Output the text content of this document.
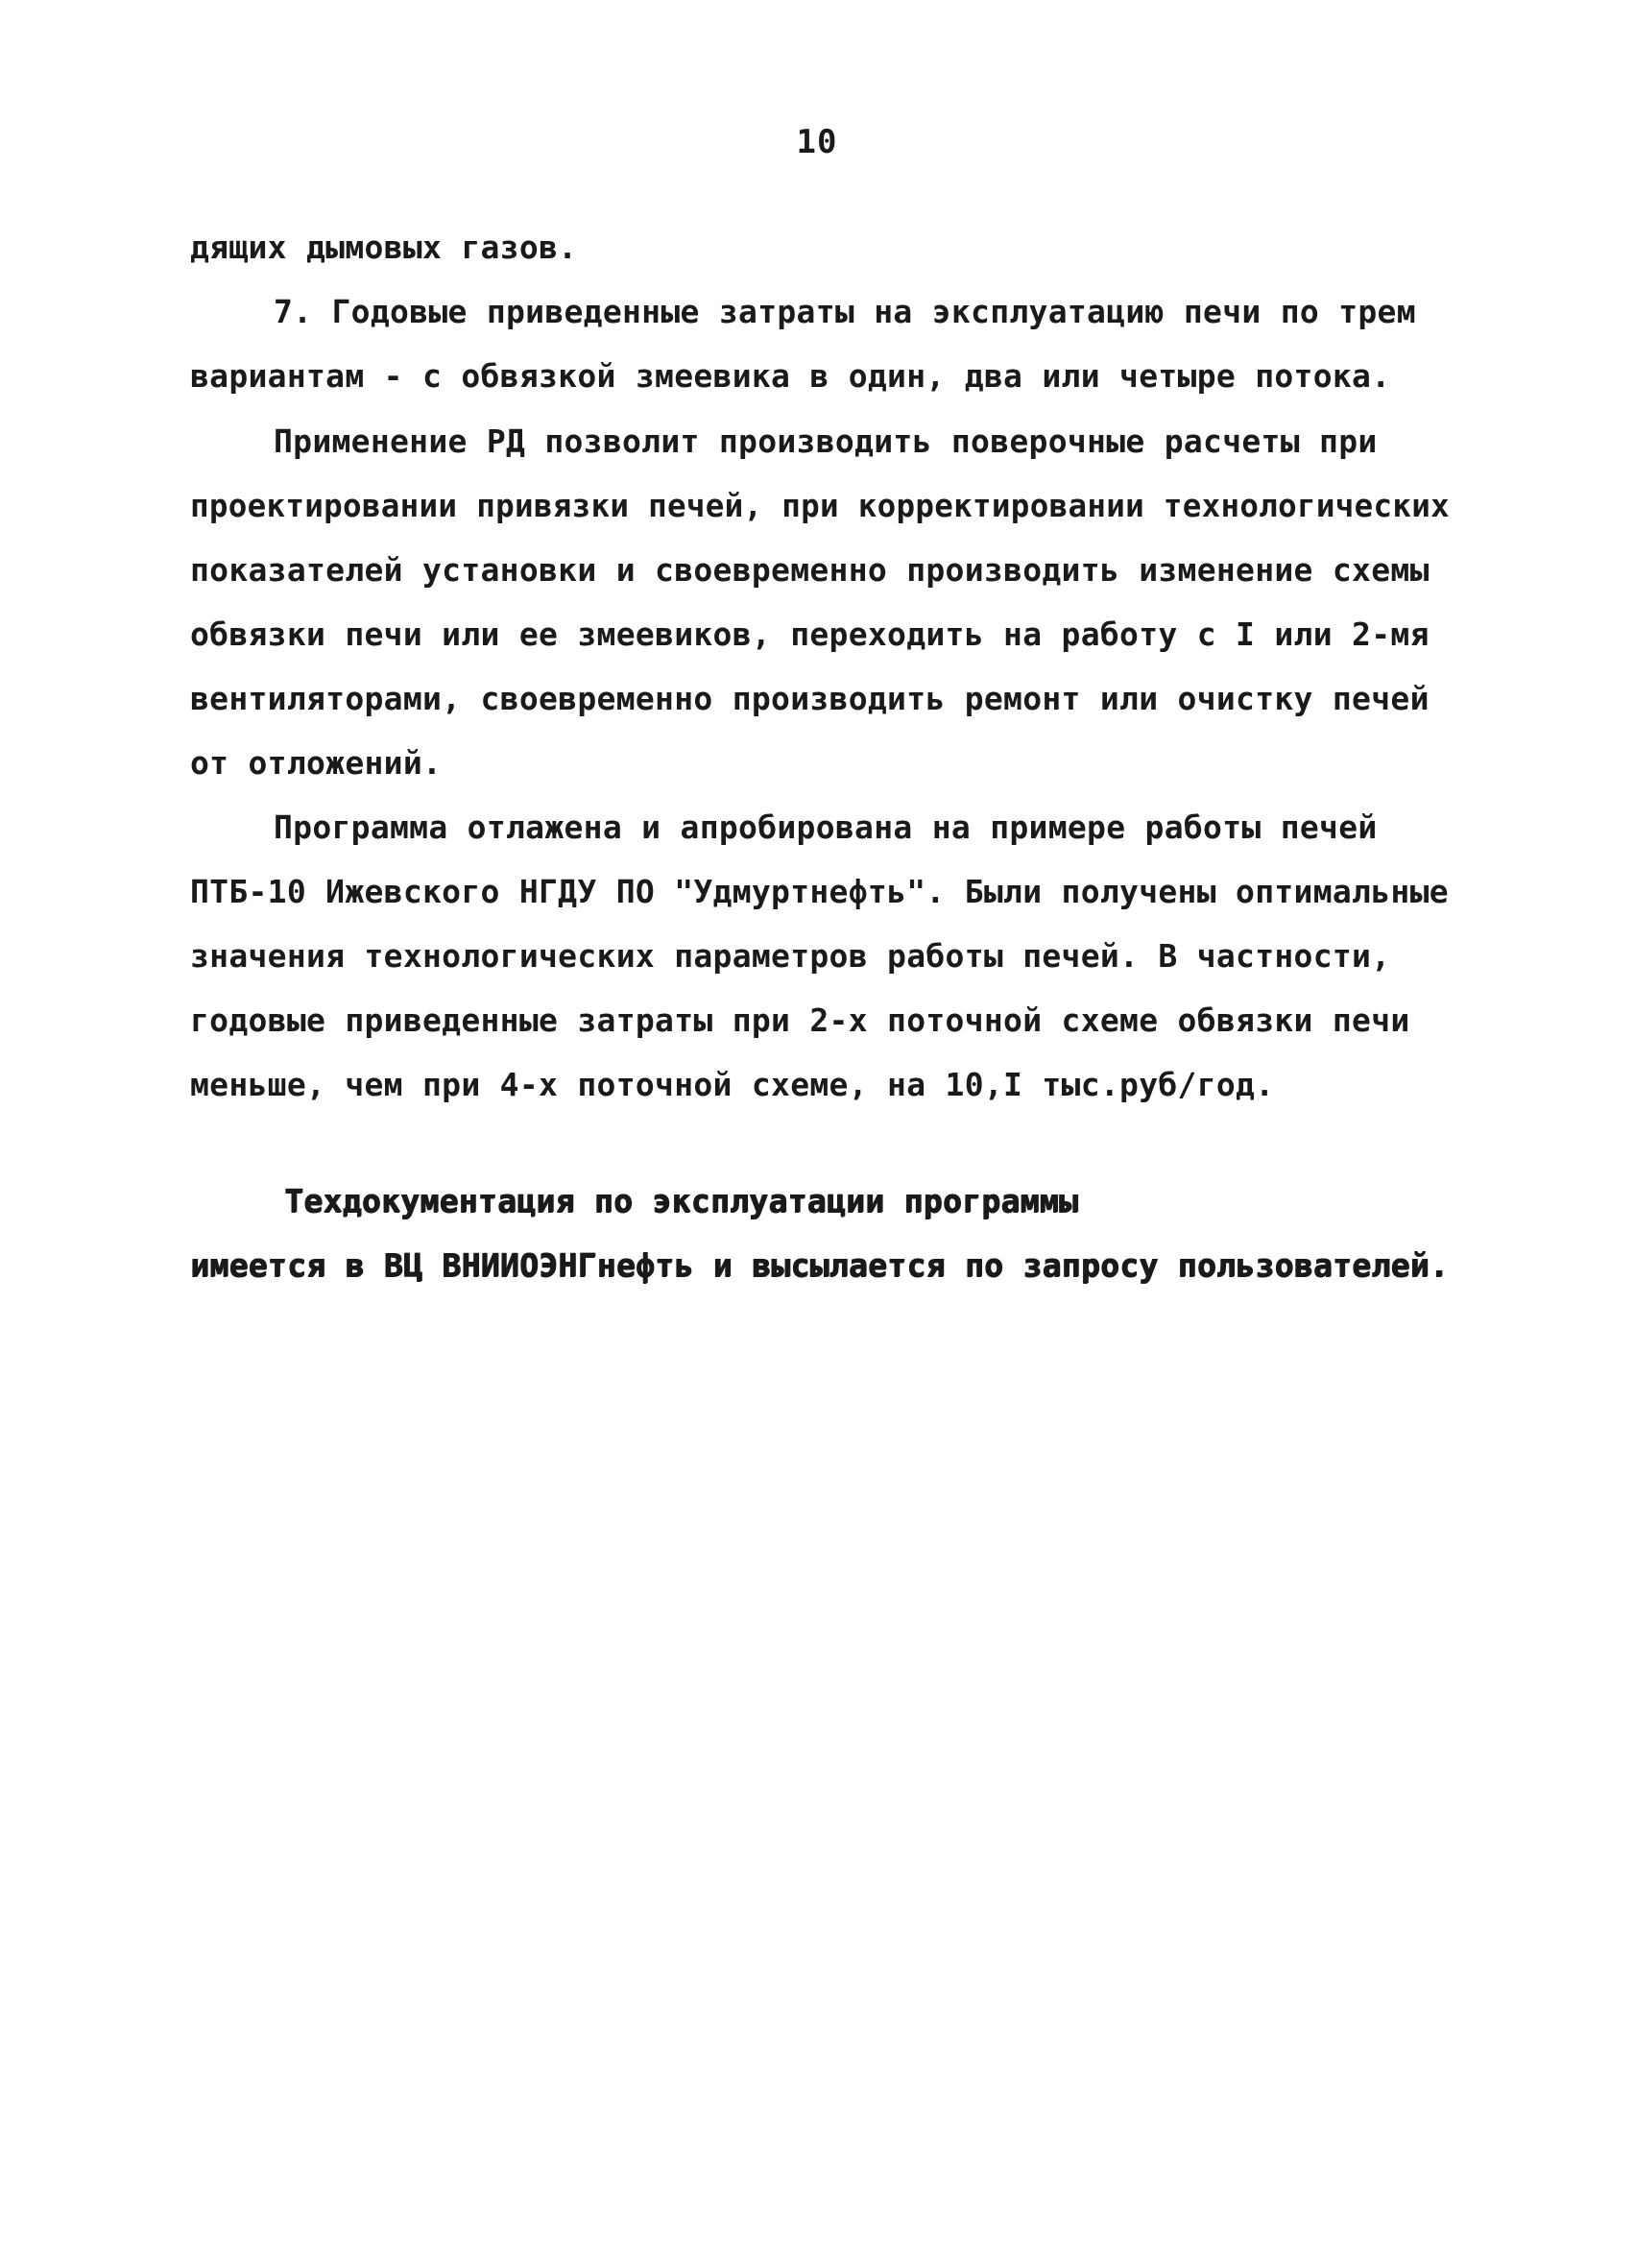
10
дящих дымовых газов.
7. Годовые приведенные затраты на эксплуатацию печи по трем
вариантам - с обвязкой змеевика в один, два или четыре потока.
Применение РД позволит производить поверочные расчеты при
проектировании привязки печей, при корректировании технологических
показателей установки и своевременно производить изменение схемы
обвязки печи или ее змеевиков, переходить на работу с I или 2-мя
вентиляторами, своевременно производить ремонт или очистку печей
от отложений.
Программа отлажена и апробирована на примере работы печей
ПТБ-10 Ижевского НГДУ ПО "Удмуртнефть". Были получены оптимальные
значения технологических параметров работы печей. В частности,
годовые приведенные затраты при 2-х поточной схеме обвязки печи
меньше, чем при 4-х поточной схеме, на 10,I тыс.руб/год.
Техдокументация по эксплуатации программы
имеется в ВЦ ВНИИОЭНГнефть и высылается по запросу пользователей.
